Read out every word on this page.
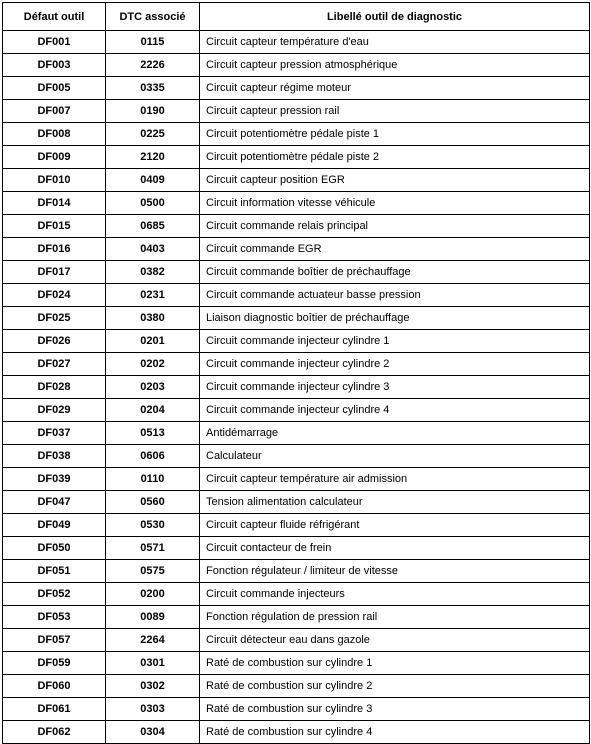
Défaut outil	DTC associé	Libellé outil de diagnostic
DF001	0115	Circuit capteur température d'eau
DF003	2226	Circuit capteur pression atmosphérique
DF005	0335	Circuit capteur régime moteur
DF007	0190	Circuit capteur pression rail
DF008	0225	Circuit potentiomètre pédale piste 1
DF009	2120	Circuit potentiomètre pédale piste 2
DF010	0409	Circuit capteur position EGR
DF014	0500	Circuit information vitesse véhicule
DF015	0685	Circuit commande relais principal
DF016	0403	Circuit commande EGR
DF017	0382	Circuit commande boîtier de préchauffage
DF024	0231	Circuit commande actuateur basse pression
DF025	0380	Liaison diagnostic boîtier de préchauffage
DF026	0201	Circuit commande injecteur cylindre 1
DF027	0202	Circuit commande injecteur cylindre 2
DF028	0203	Circuit commande injecteur cylindre 3
DF029	0204	Circuit commande injecteur cylindre 4
DF037	0513	Antidémarrage
DF038	0606	Calculateur
DF039	0110	Circuit capteur température air admission
DF047	0560	Tension alimentation calculateur
DF049	0530	Circuit capteur fluide réfrigérant
DF050	0571	Circuit contacteur de frein
DF051	0575	Fonction régulateur / limiteur de vitesse
DF052	0200	Circuit commande injecteurs
DF053	0089	Fonction régulation de pression rail
DF057	2264	Circuit détecteur eau dans gazole
DF059	0301	Raté de combustion sur cylindre 1
DF060	0302	Raté de combustion sur cylindre 2
DF061	0303	Raté de combustion sur cylindre 3
DF062	0304	Raté de combustion sur cylindre 4
